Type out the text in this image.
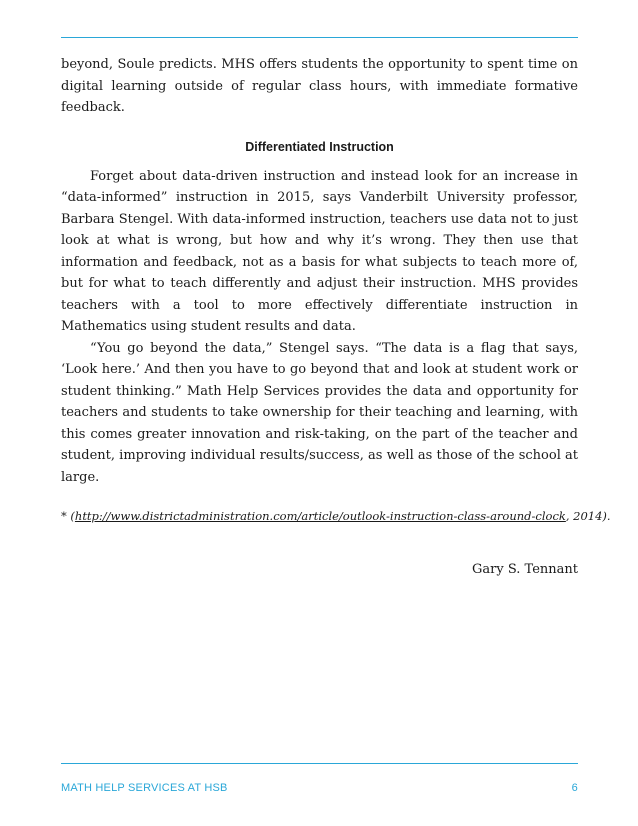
beyond, Soule predicts. MHS offers students the opportunity to spent time on digital learning outside of regular class hours, with immediate formative feedback.

Differentiated Instruction

Forget about data-driven instruction and instead look for an increase in “data-informed” instruction in 2015, says Vanderbilt University professor, Barbara Stengel. With data-informed instruction, teachers use data not to just look at what is wrong, but how and why it’s wrong. They then use that information and feedback, not as a basis for what subjects to teach more of, but for what to teach differently and adjust their instruction. MHS provides teachers with a tool to more effectively differentiate instruction in Mathematics using student results and data.

“You go beyond the data,” Stengel says. “The data is a flag that says, ‘Look here.’ And then you have to go beyond that and look at student work or student thinking.” Math Help Services provides the data and opportunity for teachers and students to take ownership for their teaching and learning, with this comes greater innovation and risk-taking, on the part of the teacher and student, improving individual results/success, as well as those of the school at large.

* (http://www.districtadministration.com/article/outlook-instruction-class-around-clock, 2014).
Gary S. Tennant
MATH HELP SERVICES AT HSB	6
